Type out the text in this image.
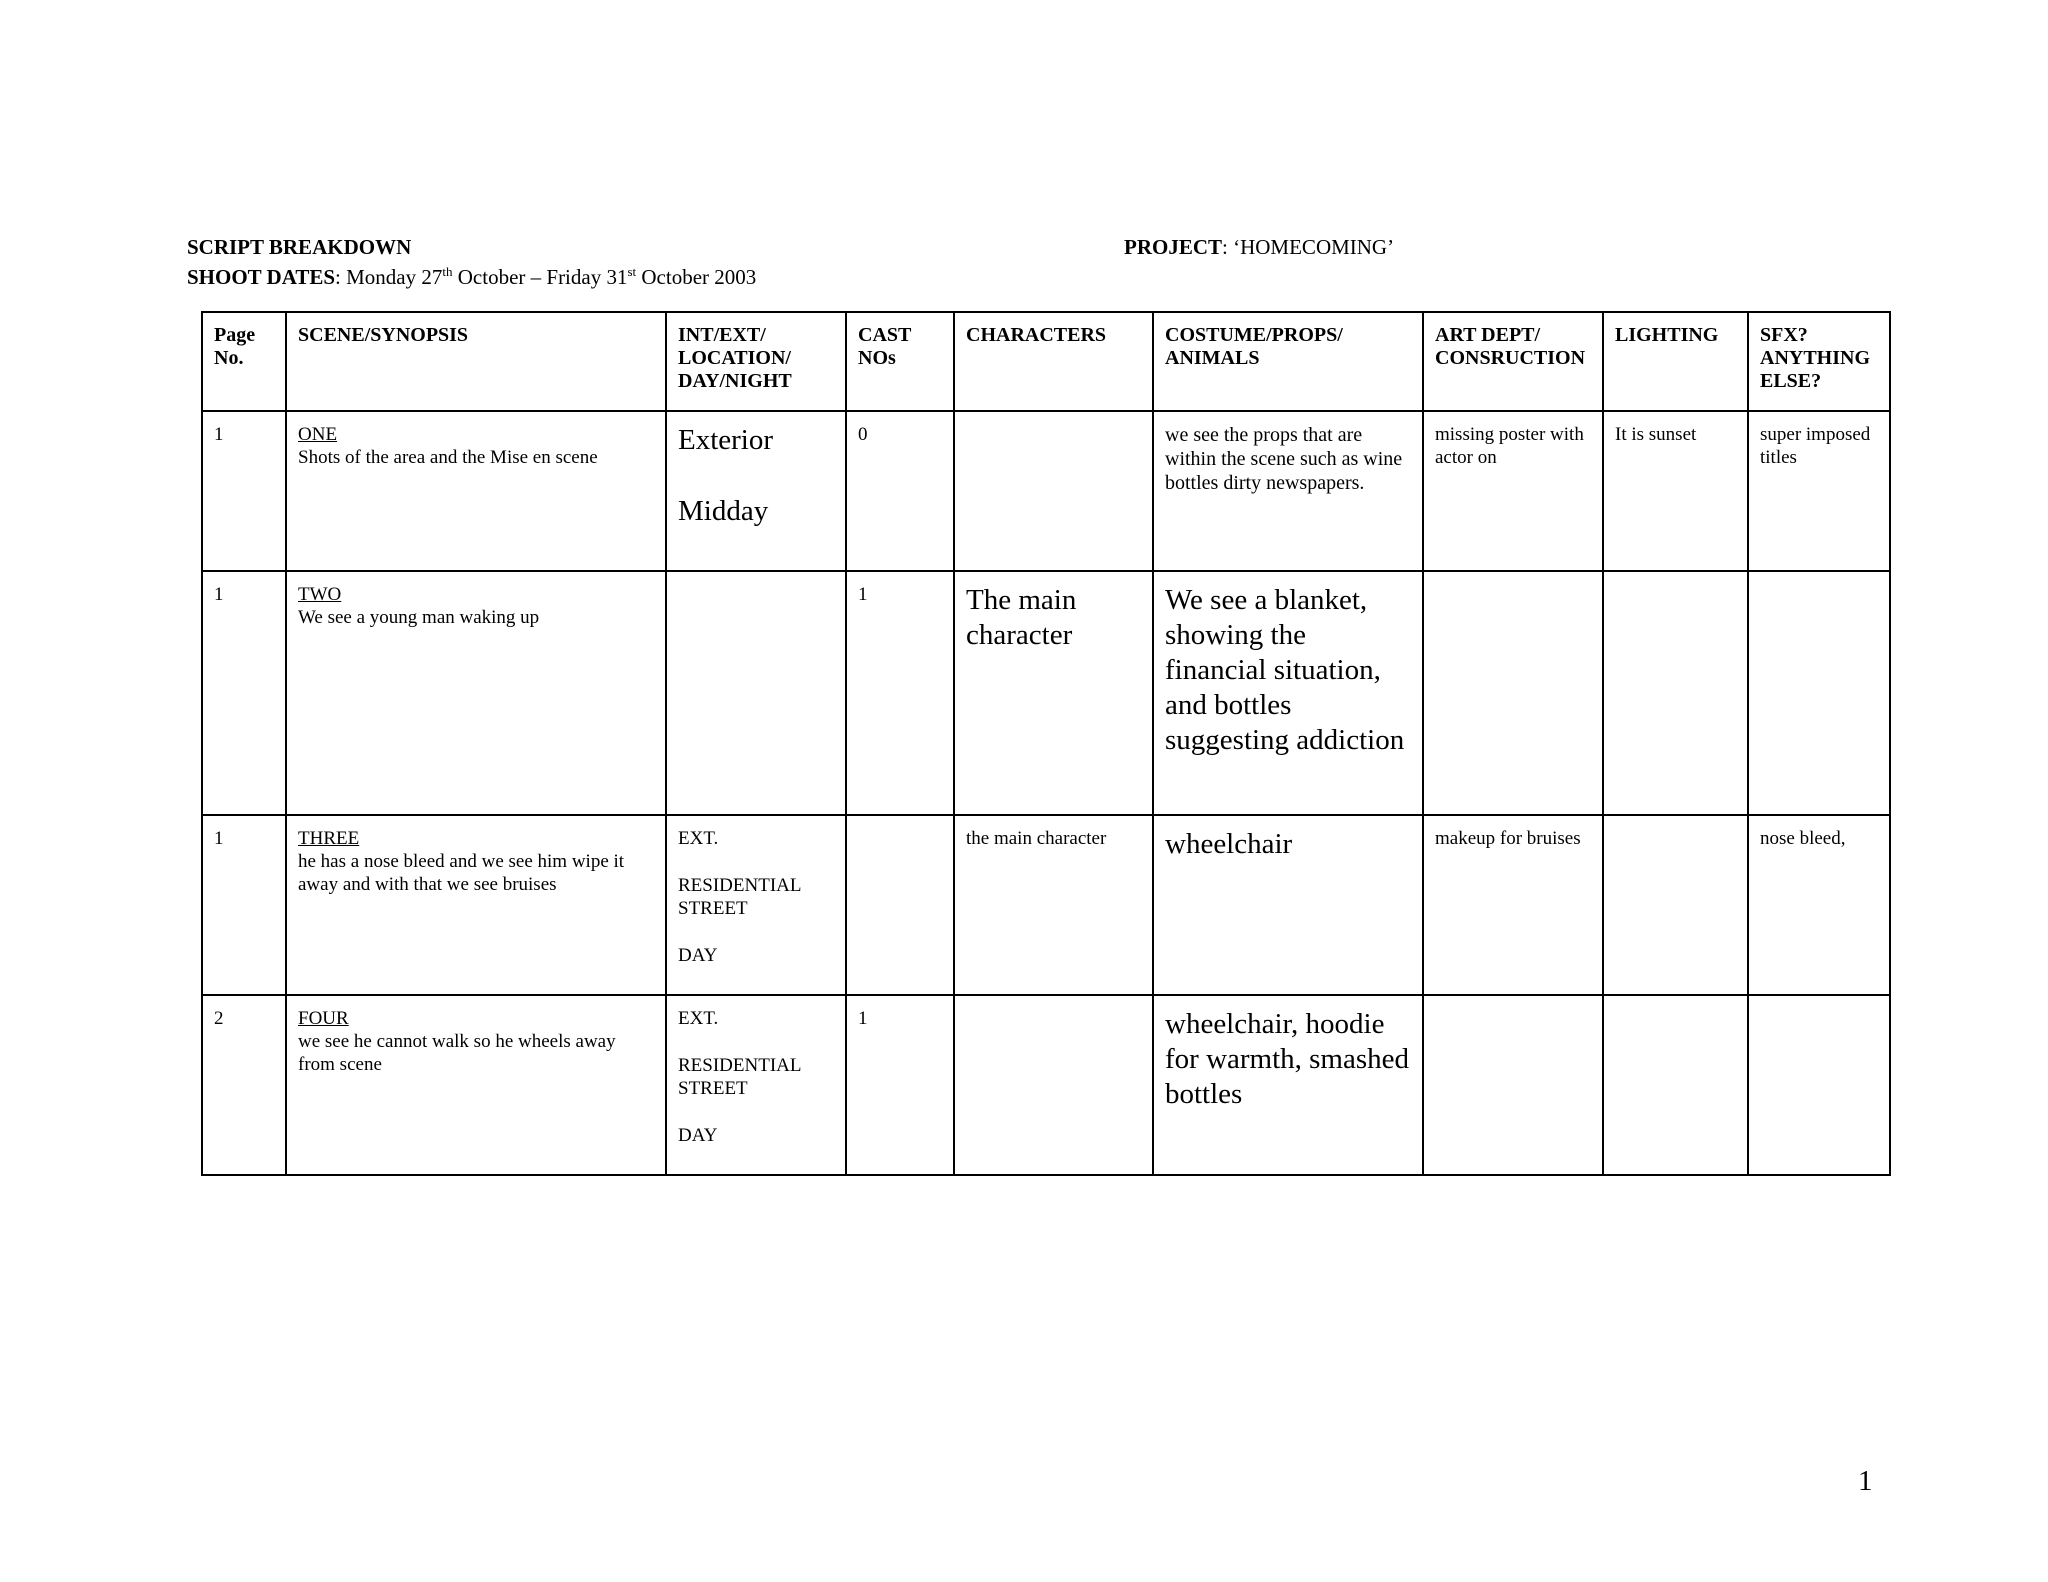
SCRIPT BREAKDOWN
SHOOT DATES: Monday 27th October – Friday 31st October 2003
PROJECT: ‘HOMECOMING’
Page
No.	SCENE/SYNOPSIS	INT/EXT/
LOCATION/
DAY/NIGHT	CAST
NOs	CHARACTERS	COSTUME/PROPS/
ANIMALS	ART DEPT/
CONSRUCTION	LIGHTING	SFX?
ANYTHING
ELSE?
1	ONE
Shots of the area and the Mise en scene	Exterior
Midday	0		we see the props that are within the scene such as wine bottles dirty newspapers.	missing poster with actor on	It is sunset	super imposed titles
1	TWO
We see a young man waking up		1	The main character	We see a blanket, showing the financial situation, and bottles suggesting addiction			

1	THREE
he has a nose bleed and we see him wipe it away and with that we see bruises	EXT.
RESIDENTIAL STREET
DAY		the main character	wheelchair	makeup for bruises		nose bleed,
2	FOUR
we see he cannot walk so he wheels away from scene	EXT.
RESIDENTIAL STREET
DAY	1		wheelchair, hoodie for warmth, smashed bottles			

1
